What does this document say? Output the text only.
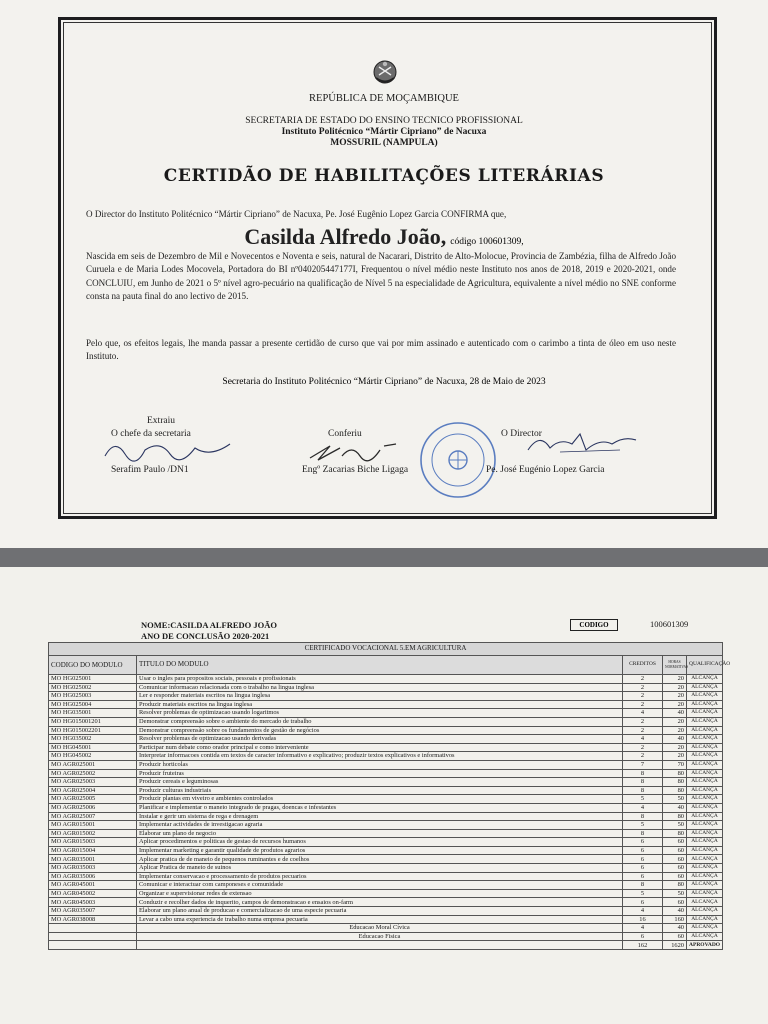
REPÚBLICA DE MOÇAMBIQUE
SECRETARIA DE ESTADO DO ENSINO TECNICO PROFISSIONAL
Instituto Politécnico “Mártir Cipriano” de Nacuxa
MOSSURIL (NAMPULA)
CERTIDÃO DE HABILITAÇÕES LITERÁRIAS
O Director do Instituto Politécnico “Mártir Cipriano” de Nacuxa, Pe. José Eugênio Lopez Garcia CONFIRMA que,
Casilda Alfredo João, código 100601309,
Nascida em seis de Dezembro de Mil e Novecentos e Noventa e seis, natural de Nacarari, Distrito de Alto-Molocue, Provincia de Zambézia, filha de Alfredo João Curuela e de Maria Lodes Mocovela, Portadora do BI nº040205447177I, Frequentou o nível médio neste Instituto nos anos de 2018, 2019 e 2020-2021, onde CONCLUIU, em Junho de 2021 o 5º nível agro-pecuário na qualificação de Nível 5 na especialidade de Agricultura, equivalente a nível médio no SNE conforme consta na pauta final do ano lectivo de 2015.
Pelo que, os efeitos legais, lhe manda passar a presente certidão de curso que vai por mim assinado e autenticado com o carimbo a tinta de óleo em uso neste Instituto.
Secretaria do Instituto Politécnico “Mártir Cipriano” de Nacuxa, 28 de Maio de 2023
Extraiu
O chefe da secretaria
Serafim Paulo /DN1
Conferiu
Engº Zacarias Biche Ligaga
O Director
Pe. José Eugénio Lopez Garcia
NOME:CASILDA ALFREDO JOÃO
ANO DE CONCLUSÃO 2020-2021
CODIGO	100601309
CERTIFICADO VOCACIONAL 5.EM AGRICULTURA				
CODIGO DO MODULO	TITULO DO MODULO	CREDITOS	HORAS NORMATIVAS	QUALIFICAÇÃO
MO HG025001	Usar o ingles para propositos sociais, pessoais e profissionais	2	20	ALCANÇA
MO HG025002	Comunicar informacao relacionada com o trabalho na lingua inglesa	2	20	ALCANÇA
MO HG025003	Ler e responder materiais escritos na lingua inglesa	2	20	ALCANÇA
MO HG025004	Produzir materiais escritos na lingua inglesa	2	20	ALCANÇA
MO HG035001	Resolver problemas de optimizacao usando logaritmos	4	40	ALCANÇA
MO HG015001201	Demonstrar compreensão sobre o ambiente do mercado de trabalho	2	20	ALCANÇA
MO HG015002201	Demonstrar compreensão sobre os fundamentos de gestão de negócios	2	20	ALCANÇA
MO HG035002	Resolver problemas de optimizacao usando derivadas	4	40	ALCANÇA
MO HG045001	Participar num debate como orador principal e como interveniente	2	20	ALCANÇA
MO HG045002	Interpretar informacoes contida em textos de caracter informativo e explicativo; produzir textos explicativos e informativos	2	20	ALCANÇA
MO AGR025001	Produzir horticolas	7	70	ALCANÇA
MO AGR025002	Produzir fruteiras	8	80	ALCANÇA
MO AGR025003	Produzir cereais e leguminosas	8	80	ALCANÇA
MO AGR025004	Produzir culturas industriais	8	80	ALCANÇA
MO AGR025005	Produzir plantas em viveiro e ambientes controlados	5	50	ALCANÇA
MO AGR025006	Planificar e implementar o maneio integrado de pragas, doencas e infestantes	4	40	ALCANÇA
MO AGR025007	Instalar e gerir um sistema de rega e drenagem	8	80	ALCANÇA
MO AGR015001	Implementar actividades de investigacao agraria	5	50	ALCANÇA
MO AGR015002	Elaborar um plano de negocio	8	80	ALCANÇA
MO AGR015003	Aplicar procedimentos e politicas de gestao de recursos humanos	6	60	ALCANÇA
MO AGR015004	Implementar marketing e garantir qualidade de produtos agrarios	6	60	ALCANÇA
MO AGR035001	Aplicar pratica de de maneio de pequenos ruminantes e de coelhos	6	60	ALCANÇA
MO AGR035003	Aplicar Pratica de maneio de suinos	6	60	ALCANÇA
MO AGR035006	Implementar conservacao e processamento de produtos pecuarios	6	60	ALCANÇA
MO AGR045001	Comunicar e interactuar com camponeses e comunidade	8	80	ALCANÇA
MO AGR045002	Organizar e supervisionar redes de extensao	5	50	ALCANÇA
MO AGR045003	Conduzir e recolher dados de inquerito, campos de demonstracao e ensaios on-farm	6	60	ALCANÇA
MO AGR035007	Elaborar um plano anual de producao e comercializacao de uma especie pecuaria	4	40	ALCANÇA
MO AGR038008	Levar a cabo uma experiencia de trabalho numa empresa pecuaria	16	160	ALCANÇA
	Educacao Moral Cívica	4	40	ALCANÇA
	Educacao Fisica	6	60	ALCANÇA
		162	1620	APROVADO
